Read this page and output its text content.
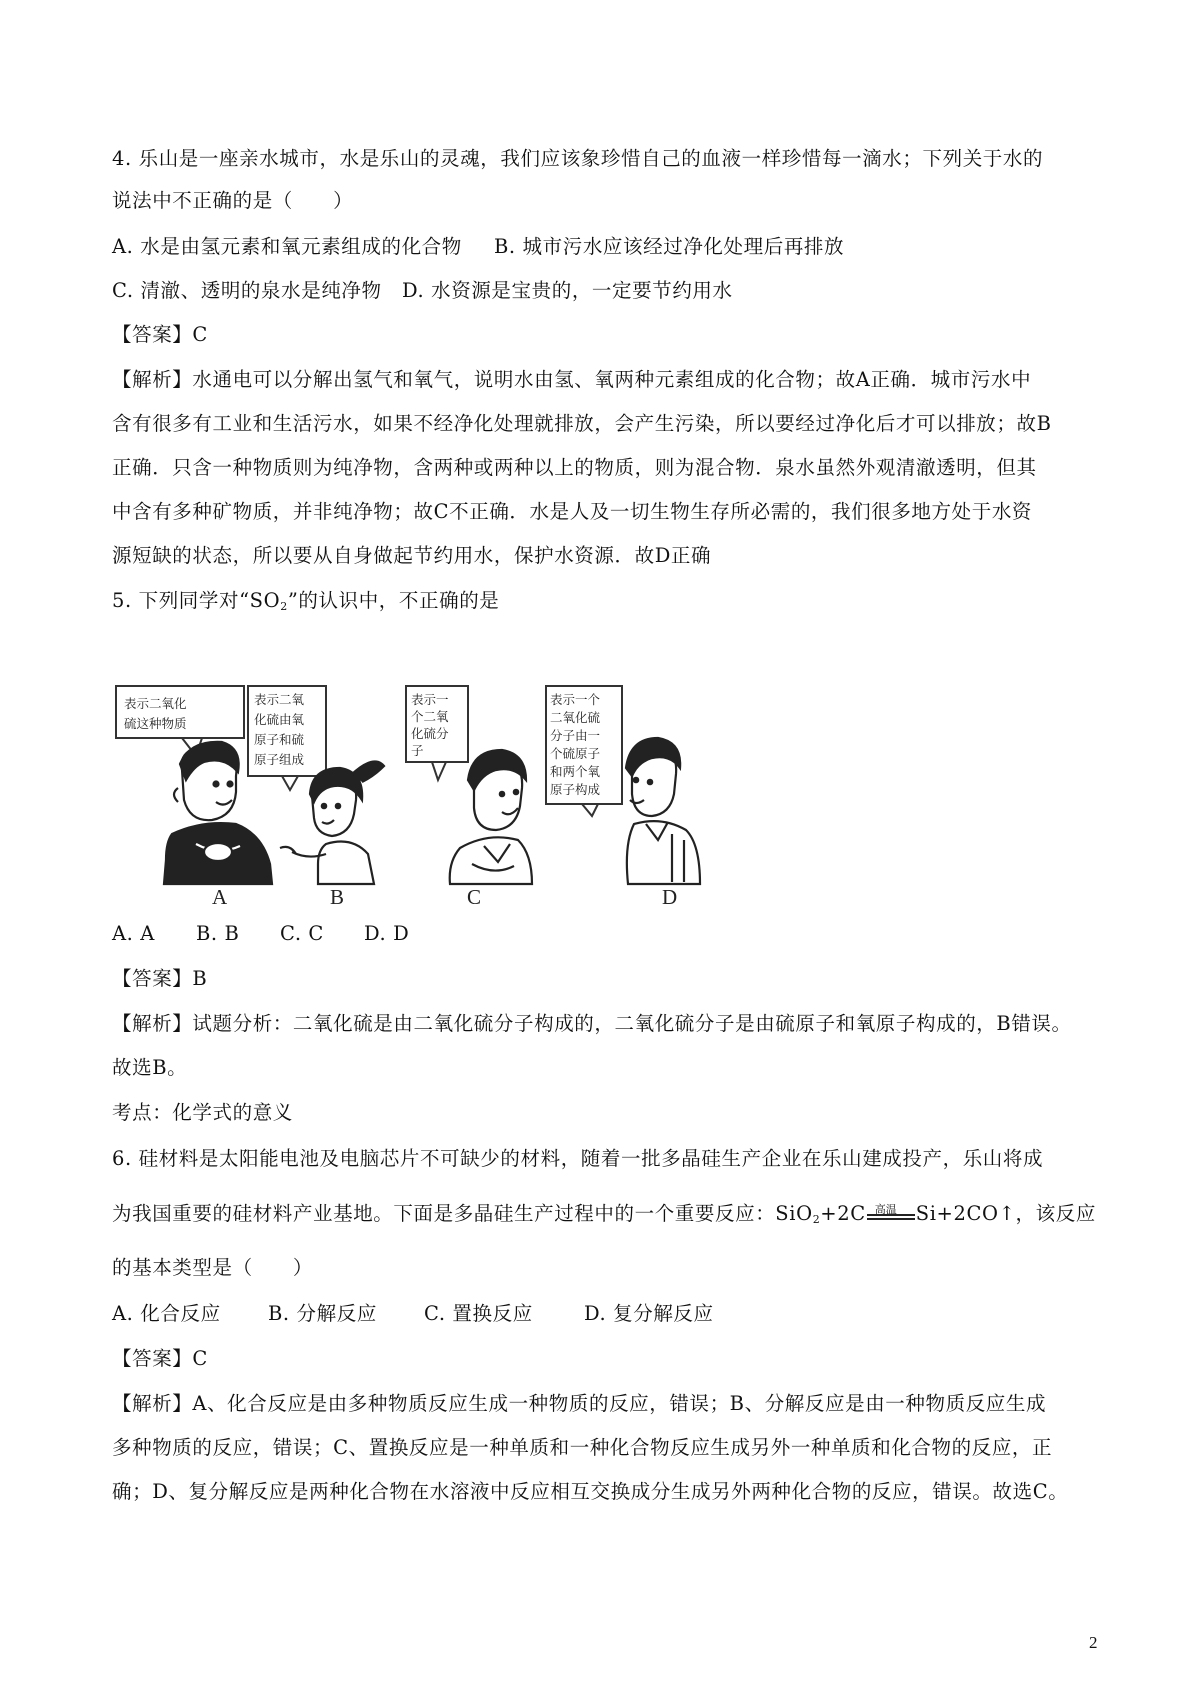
4. 乐山是一座亲水城市，水是乐山的灵魂，我们应该象珍惜自己的血液一样珍惜每一滴水；下列关于水的
说法中不正确的是（　　）
A. 水是由氢元素和氧元素组成的化合物 B. 城市污水应该经过净化处理后再排放
C. 清澈、透明的泉水是纯净物 D. 水资源是宝贵的，一定要节约用水
【答案】C
【解析】水通电可以分解出氢气和氧气，说明水由氢、氧两种元素组成的化合物；故A正确．城市污水中
含有很多有工业和生活污水，如果不经净化处理就排放，会产生污染，所以要经过净化后才可以排放；故B
正确．只含一种物质则为纯净物，含两种或两种以上的物质，则为混合物．泉水虽然外观清澈透明，但其
中含有多种矿物质，并非纯净物；故C不正确．水是人及一切生物生存所必需的，我们很多地方处于水资
源短缺的状态，所以要从自身做起节约用水，保护水资源．故D正确
5. 下列同学对“$SO_2$”的认识中，不正确的是
表示二氧化
硫这种物质
表示二氧
化硫由氧
原子和硫
原子组成
表示一
个二氧
化硫分
子
表示一个
二氧化硫
分子由一
个硫原子
和两个氧
原子构成
A	B	C	D
A. A B. B C. C D. D
【答案】B
【解析】试题分析：二氧化硫是由二氧化硫分子构成的，二氧化硫分子是由硫原子和氧原子构成的，B错误。
故选B。
考点：化学式的意义
6. 硅材料是太阳能电池及电脑芯片不可缺少的材料，随着一批多晶硅生产企业在乐山建成投产，乐山将成
为我国重要的硅材料产业基地。下面是多晶硅生产过程中的一个重要反应：SiO$_2$+2C 高温 Si+2CO↑，该反应
的基本类型是（　　）
A. 化合反应 B. 分解反应 C. 置换反应	D. 复分解反应
【答案】C
【解析】A、化合反应是由多种物质反应生成一种物质的反应，错误；B、分解反应是由一种物质反应生成
多种物质的反应，错误；C、置换反应是一种单质和一种化合物反应生成另外一种单质和化合物的反应，正
确；D、复分解反应是两种化合物在水溶液中反应相互交换成分生成另外两种化合物的反应，错误。故选C。
2
